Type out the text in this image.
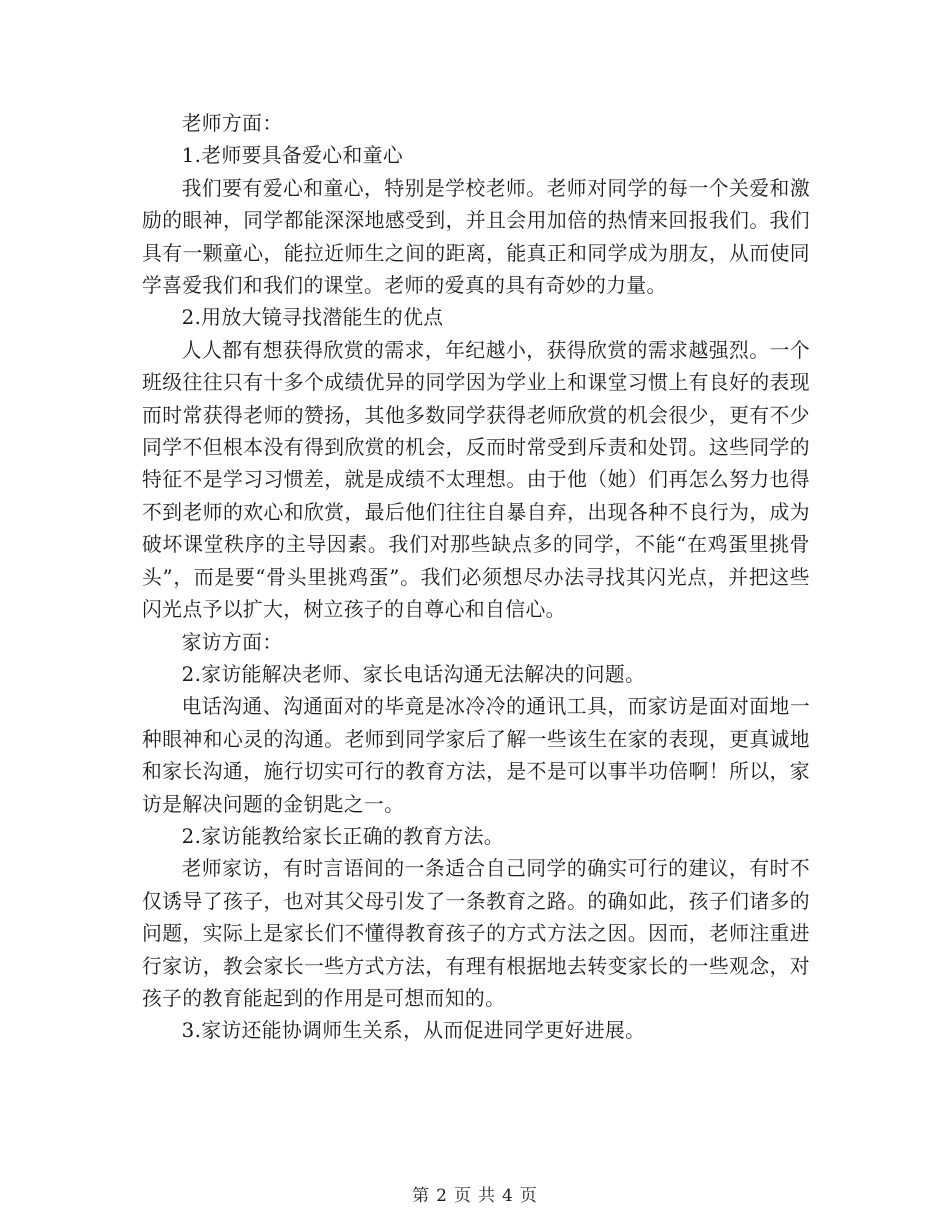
老师方面：

1.老师要具备爱心和童心

我们要有爱心和童心，特别是学校老师。老师对同学的每一个关爱和激励的眼神，同学都能深深地感受到，并且会用加倍的热情来回报我们。我们具有一颗童心，能拉近师生之间的距离，能真正和同学成为朋友，从而使同学喜爱我们和我们的课堂。老师的爱真的具有奇妙的力量。

2.用放大镜寻找潜能生的优点

人人都有想获得欣赏的需求，年纪越小，获得欣赏的需求越强烈。一个班级往往只有十多个成绩优异的同学因为学业上和课堂习惯上有良好的表现而时常获得老师的赞扬，其他多数同学获得老师欣赏的机会很少，更有不少同学不但根本没有得到欣赏的机会，反而时常受到斥责和处罚。这些同学的特征不是学习习惯差，就是成绩不太理想。由于他（她）们再怎么努力也得不到老师的欢心和欣赏，最后他们往往自暴自弃，出现各种不良行为，成为破坏课堂秩序的主导因素。我们对那些缺点多的同学，不能“在鸡蛋里挑骨头”，而是要“骨头里挑鸡蛋”。我们必须想尽办法寻找其闪光点，并把这些闪光点予以扩大，树立孩子的自尊心和自信心。

家访方面：

2.家访能解决老师、家长电话沟通无法解决的问题。

电话沟通、沟通面对的毕竟是冰冷冷的通讯工具，而家访是面对面地一种眼神和心灵的沟通。老师到同学家后了解一些该生在家的表现，更真诚地和家长沟通，施行切实可行的教育方法，是不是可以事半功倍啊！所以，家访是解决问题的金钥匙之一。

2.家访能教给家长正确的教育方法。

老师家访，有时言语间的一条适合自己同学的确实可行的建议，有时不仅诱导了孩子，也对其父母引发了一条教育之路。的确如此，孩子们诸多的问题，实际上是家长们不懂得教育孩子的方式方法之因。因而，老师注重进行家访，教会家长一些方式方法，有理有根据地去转变家长的一些观念，对孩子的教育能起到的作用是可想而知的。

3.家访还能协调师生关系，从而促进同学更好进展。

第 2 页 共 4 页
